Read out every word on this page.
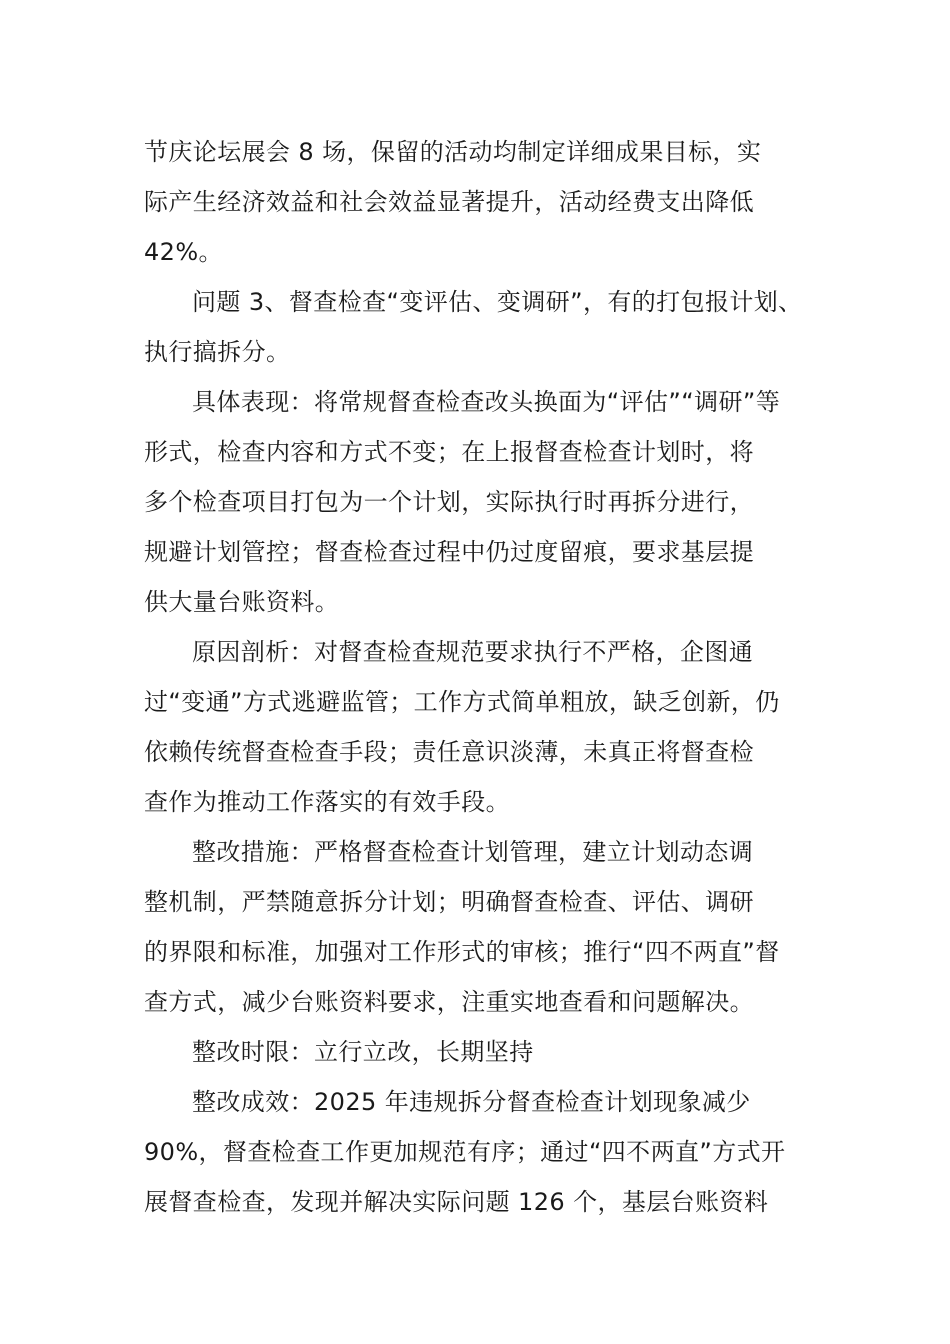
节庆论坛展会 8 场，保留的活动均制定详细成果目标，实
际产生经济效益和社会效益显著提升，活动经费支出降低
42%。

问题 3、督查检查“变评估、变调研”，有的打包报计划、
执行搞拆分。

具体表现：将常规督查检查改头换面为“评估”“调研”等
形式，检查内容和方式不变；在上报督查检查计划时，将
多个检查项目打包为一个计划，实际执行时再拆分进行，
规避计划管控；督查检查过程中仍过度留痕，要求基层提
供大量台账资料。

原因剖析：对督查检查规范要求执行不严格，企图通
过“变通”方式逃避监管；工作方式简单粗放，缺乏创新，仍
依赖传统督查检查手段；责任意识淡薄，未真正将督查检
查作为推动工作落实的有效手段。

整改措施：严格督查检查计划管理，建立计划动态调
整机制，严禁随意拆分计划；明确督查检查、评估、调研
的界限和标准，加强对工作形式的审核；推行“四不两直”督
查方式，减少台账资料要求，注重实地查看和问题解决。

整改时限：立行立改，长期坚持

整改成效：2025 年违规拆分督查检查计划现象减少
90%，督查检查工作更加规范有序；通过“四不两直”方式开
展督查检查，发现并解决实际问题 126 个，基层台账资料
